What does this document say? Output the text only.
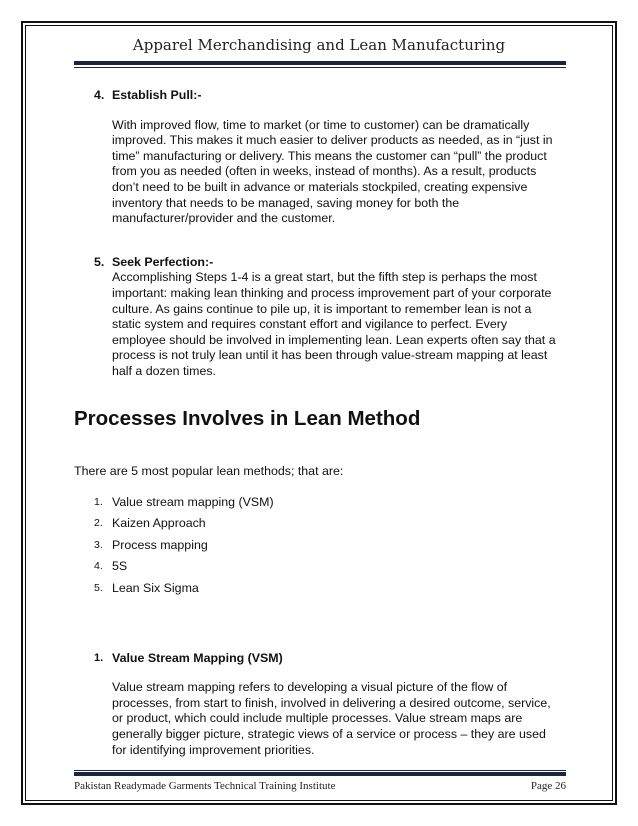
Apparel Merchandising and Lean Manufacturing
4. Establish Pull:-

With improved flow, time to market (or time to customer) can be dramatically

improved. This makes it much easier to deliver products as needed, as in “just in

time” manufacturing or delivery. This means the customer can “pull” the product

from you as needed (often in weeks, instead of months). As a result, products

don’t need to be built in advance or materials stockpiled, creating expensive

inventory that needs to be managed, saving money for both the

manufacturer/provider and the customer.

5. Seek Perfection:-

Accomplishing Steps 1-4 is a great start, but the fifth step is perhaps the most

important: making lean thinking and process improvement part of your corporate

culture. As gains continue to pile up, it is important to remember lean is not a

static system and requires constant effort and vigilance to perfect. Every

employee should be involved in implementing lean. Lean experts often say that a

process is not truly lean until it has been through value-stream mapping at least

half a dozen times.

Processes Involves in Lean Method

There are 5 most popular lean methods; that are:

1. Value stream mapping (VSM)
2. Kaizen Approach
3. Process mapping
4. 5S
5. Lean Six Sigma
1. Value Stream Mapping (VSM)

Value stream mapping refers to developing a visual picture of the flow of

processes, from start to finish, involved in delivering a desired outcome, service,

or product, which could include multiple processes. Value stream maps are

generally bigger picture, strategic views of a service or process – they are used

for identifying improvement priorities.

Pakistan Readymade Garments Technical Training Institute	Page 26
